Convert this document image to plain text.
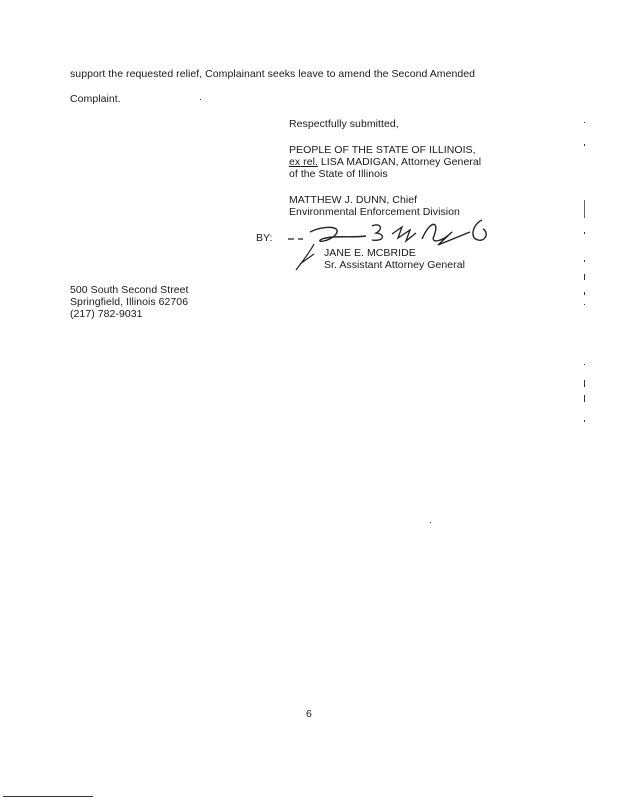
support the requested relief, Complainant seeks leave to amend the Second Amended
Complaint.
Respectfully submitted,
PEOPLE OF THE STATE OF ILLINOIS,
ex rel. LISA MADIGAN, Attorney General
of the State of Illinois
MATTHEW J. DUNN, Chief
Environmental Enforcement Division
BY:
JANE E. MCBRIDE
Sr. Assistant Attorney General
500 South Second Street
Springfield, Illinois 62706
(217) 782-9031
6
